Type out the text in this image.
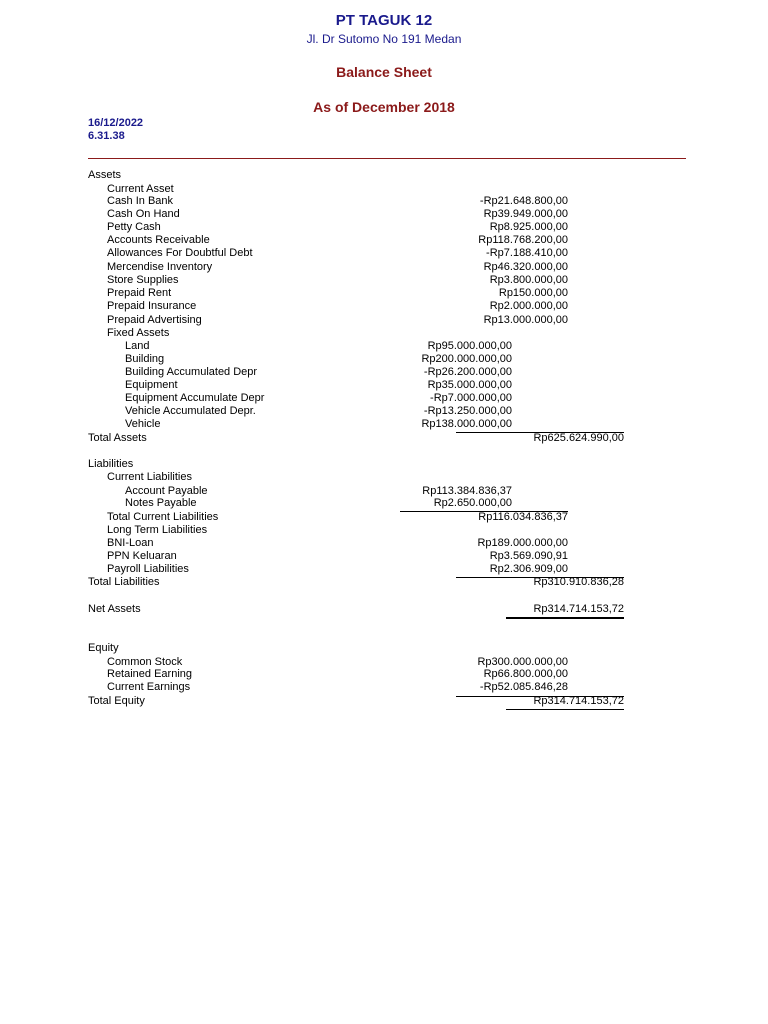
PT TAGUK 12
Jl. Dr Sutomo No 191 Medan
Balance Sheet
As of December 2018
16/12/2022
6.31.38
Assets
Current Asset
Cash In Bank	-Rp21.648.800,00
Cash On Hand	Rp39.949.000,00
Petty Cash	Rp8.925.000,00
Accounts Receivable	Rp118.768.200,00
Allowances For Doubtful Debt	-Rp7.188.410,00
Mercendise Inventory	Rp46.320.000,00
Store Supplies	Rp3.800.000,00
Prepaid Rent	Rp150.000,00
Prepaid Insurance	Rp2.000.000,00
Prepaid Advertising	Rp13.000.000,00
Fixed Assets
Land	Rp95.000.000,00
Building	Rp200.000.000,00
Building Accumulated Depr	-Rp26.200.000,00
Equipment	Rp35.000.000,00
Equipment Accumulate Depr	-Rp7.000.000,00
Vehicle Accumulated Depr.	-Rp13.250.000,00
Vehicle	Rp138.000.000,00
Total Assets	Rp625.624.990,00
Liabilities
Current Liabilities
Account Payable	Rp113.384.836,37
Notes Payable	Rp2.650.000,00
Total Current Liabilities	Rp116.034.836,37
Long Term Liabilities
BNI-Loan	Rp189.000.000,00
PPN Keluaran	Rp3.569.090,91
Payroll Liabilities	Rp2.306.909,00
Total Liabilities	Rp310.910.836,28
Net Assets	Rp314.714.153,72
Equity
Common Stock	Rp300.000.000,00
Retained Earning	Rp66.800.000,00
Current Earnings	-Rp52.085.846,28
Total Equity	Rp314.714.153,72
